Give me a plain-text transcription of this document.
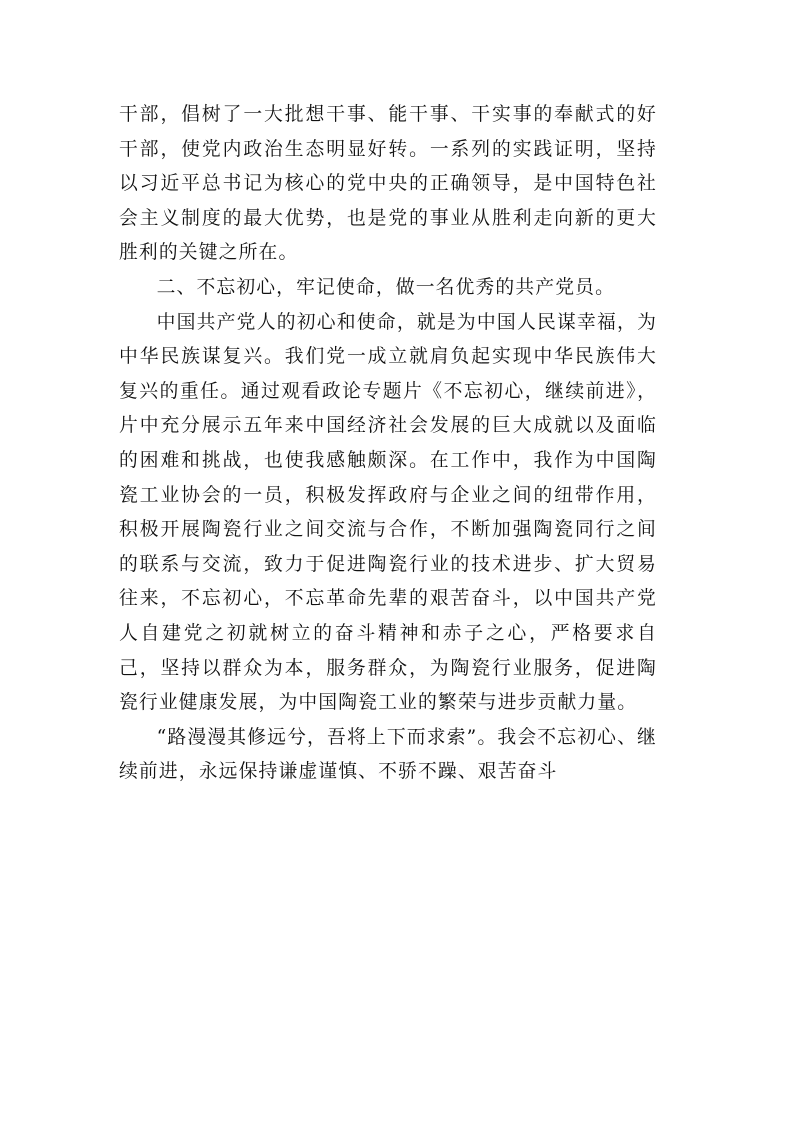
干部，倡树了一大批想干事、能干事、干实事的奉献式的好干部，使党内政治生态明显好转。一系列的实践证明，坚持以习近平总书记为核心的党中央的正确领导，是中国特色社会主义制度的最大优势，也是党的事业从胜利走向新的更大胜利的关键之所在。

二、不忘初心，牢记使命，做一名优秀的共产党员。

中国共产党人的初心和使命，就是为中国人民谋幸福，为中华民族谋复兴。我们党一成立就肩负起实现中华民族伟大复兴的重任。通过观看政论专题片《不忘初心，继续前进》，片中充分展示五年来中国经济社会发展的巨大成就以及面临的困难和挑战，也使我感触颇深。在工作中，我作为中国陶瓷工业协会的一员，积极发挥政府与企业之间的纽带作用，积极开展陶瓷行业之间交流与合作，不断加强陶瓷同行之间的联系与交流，致力于促进陶瓷行业的技术进步、扩大贸易往来，不忘初心，不忘革命先辈的艰苦奋斗，以中国共产党人自建党之初就树立的奋斗精神和赤子之心，严格要求自己，坚持以群众为本，服务群众，为陶瓷行业服务，促进陶瓷行业健康发展，为中国陶瓷工业的繁荣与进步贡献力量。

“路漫漫其修远兮，吾将上下而求索”。我会不忘初心、继续前进，永远保持谦虚谨慎、不骄不躁、艰苦奋斗
